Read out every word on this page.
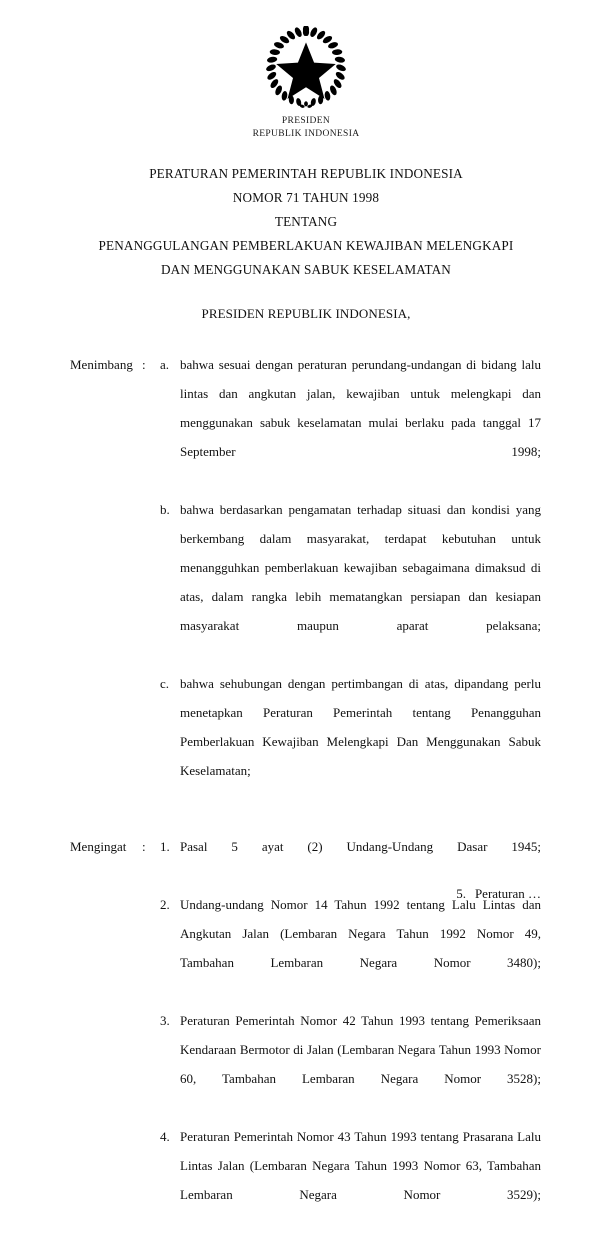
PRESIDEN
REPUBLIK INDONESIA
PERATURAN PEMERINTAH REPUBLIK INDONESIA
NOMOR 71 TAHUN 1998
TENTANG
PENANGGULANGAN PEMBERLAKUAN KEWAJIBAN MELENGKAPI
DAN MENGGUNAKAN SABUK KESELAMATAN
PRESIDEN REPUBLIK INDONESIA,
Menimbang :	a. bahwa sesuai dengan peraturan perundang-undangan di bidang lalu lintas dan angkutan jalan, kewajiban untuk melengkapi dan menggunakan sabuk keselamatan mulai berlaku pada tanggal 17 September 1998;
b. bahwa berdasarkan pengamatan terhadap situasi dan kondisi yang berkembang dalam masyarakat, terdapat kebutuhan untuk menangguhkan pemberlakuan kewajiban sebagaimana dimaksud di atas, dalam rangka lebih mematangkan persiapan dan kesiapan masyarakat maupun aparat pelaksana;
c. bahwa sehubungan dengan pertimbangan di atas, dipandang perlu menetapkan Peraturan Pemerintah tentang Penangguhan Pemberlakuan Kewajiban Melengkapi Dan Menggunakan Sabuk Keselamatan;
Mengingat	:	1. Pasal 5 ayat (2) Undang-Undang Dasar 1945;
2. Undang-undang Nomor 14 Tahun 1992 tentang Lalu Lintas dan Angkutan Jalan (Lembaran Negara Tahun 1992 Nomor 49, Tambahan Lembaran Negara Nomor 3480);
3. Peraturan Pemerintah Nomor 42 Tahun 1993 tentang Pemeriksaan Kendaraan Bermotor di Jalan (Lembaran Negara Tahun 1993 Nomor 60, Tambahan Lembaran Negara Nomor 3528);
4. Peraturan Pemerintah Nomor 43 Tahun 1993 tentang Prasarana Lalu Lintas Jalan (Lembaran Negara Tahun 1993 Nomor 63, Tambahan Lembaran Negara Nomor 3529);
5. Peraturan …
